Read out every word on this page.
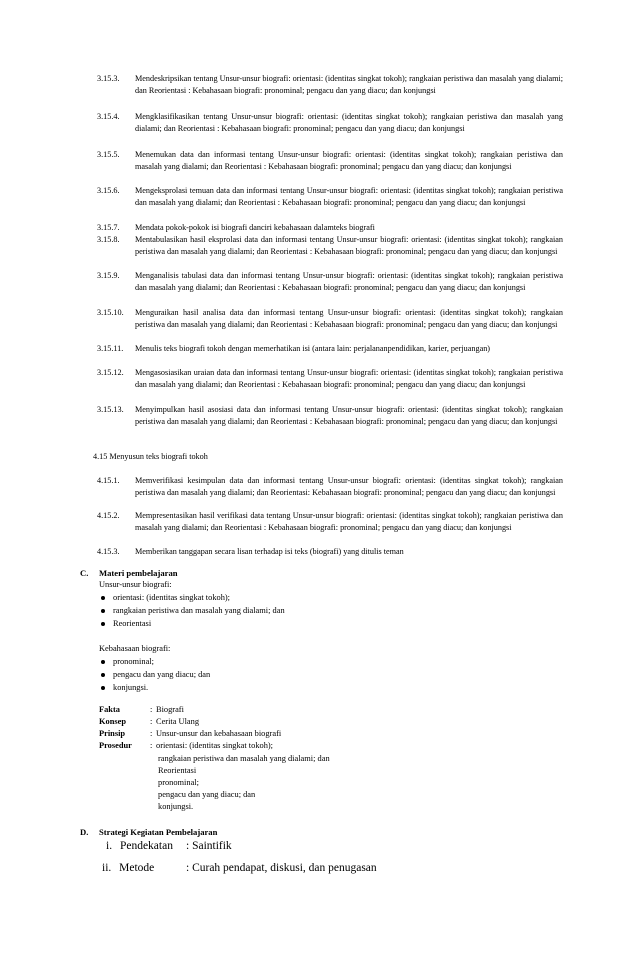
3.15.3.	Mendeskripsikan tentang Unsur-unsur biografi: orientasi: (identitas singkat tokoh); rangkaian peristiwa dan masalah yang dialami; dan Reorientasi : Kebahasaan biografi: pronominal; pengacu dan yang diacu; dan konjungsi
3.15.4.	Mengklasifikasikan tentang Unsur-unsur biografi: orientasi: (identitas singkat tokoh); rangkaian peristiwa dan masalah yang dialami; dan Reorientasi : Kebahasaan biografi: pronominal; pengacu dan yang diacu; dan konjungsi
3.15.5.	Menemukan data dan informasi tentang Unsur-unsur biografi: orientasi: (identitas singkat tokoh); rangkaian peristiwa dan masalah yang dialami; dan Reorientasi : Kebahasaan biografi: pronominal; pengacu dan yang diacu; dan konjungsi
3.15.6.	Mengeksprolasi temuan data dan informasi tentang Unsur-unsur biografi: orientasi: (identitas singkat tokoh); rangkaian peristiwa dan masalah yang dialami; dan Reorientasi : Kebahasaan biografi: pronominal; pengacu dan yang diacu; dan konjungsi
3.15.7.	Mendata pokok-pokok isi biografi danciri kebahasaan dalamteks biografi
3.15.8.	Mentabulasikan hasil eksprolasi data dan informasi tentang Unsur-unsur biografi: orientasi: (identitas singkat tokoh); rangkaian peristiwa dan masalah yang dialami; dan Reorientasi : Kebahasaan biografi: pronominal; pengacu dan yang diacu; dan konjungsi
3.15.9.	Menganalisis tabulasi data dan informasi tentang Unsur-unsur biografi: orientasi: (identitas singkat tokoh); rangkaian peristiwa dan masalah yang dialami; dan Reorientasi : Kebahasaan biografi: pronominal; pengacu dan yang diacu; dan konjungsi
3.15.10.	Menguraikan hasil analisa data dan informasi tentang Unsur-unsur biografi: orientasi: (identitas singkat tokoh); rangkaian peristiwa dan masalah yang dialami; dan Reorientasi : Kebahasaan biografi: pronominal; pengacu dan yang diacu; dan konjungsi
3.15.11.	Menulis teks biografi tokoh dengan memerhatikan isi (antara lain: perjalananpendidikan, karier, perjuangan)
3.15.12.	Mengasosiasikan uraian data dan informasi tentang Unsur-unsur biografi: orientasi: (identitas singkat tokoh); rangkaian peristiwa dan masalah yang dialami; dan Reorientasi : Kebahasaan biografi: pronominal; pengacu dan yang diacu; dan konjungsi
3.15.13.	Menyimpulkan hasil asosiasi data dan informasi tentang Unsur-unsur biografi: orientasi: (identitas singkat tokoh); rangkaian peristiwa dan masalah yang dialami; dan Reorientasi : Kebahasaan biografi: pronominal; pengacu dan yang diacu; dan konjungsi
4.15 Menyusun teks biografi tokoh
4.15.1.	Memverifikasi kesimpulan data dan informasi tentang Unsur-unsur biografi: orientasi: (identitas singkat tokoh); rangkaian peristiwa dan masalah yang dialami; dan Reorientasi: Kebahasaan biografi: pronominal; pengacu dan yang diacu; dan konjungsi
4.15.2.	Mempresentasikan hasil verifikasi data tentang Unsur-unsur biografi: orientasi: (identitas singkat tokoh); rangkaian peristiwa dan masalah yang dialami; dan Reorientasi : Kebahasaan biografi: pronominal; pengacu dan yang diacu; dan konjungsi
4.15.3.	Memberikan tanggapan secara lisan terhadap isi teks (biografi) yang ditulis teman
C. Materi pembelajaran
Unsur-unsur biografi:
orientasi: (identitas singkat tokoh);
rangkaian peristiwa dan masalah yang dialami; dan
Reorientasi
Kebahasaan biografi:
pronominal;
pengacu dan yang diacu; dan
konjungsi.
Fakta	: Biografi
Konsep	: Cerita Ulang
Prinsip	: Unsur-unsur dan kebahasaan biografi
Prosedur : orientasi: (identitas singkat tokoh);
rangkaian peristiwa dan masalah yang dialami; dan
Reorientasi
pronominal;
pengacu dan yang diacu; dan
konjungsi.
D. Strategi Kegiatan Pembelajaran
i. Pendekatan : Saintifik
ii. Metode	: Curah pendapat, diskusi, dan penugasan
